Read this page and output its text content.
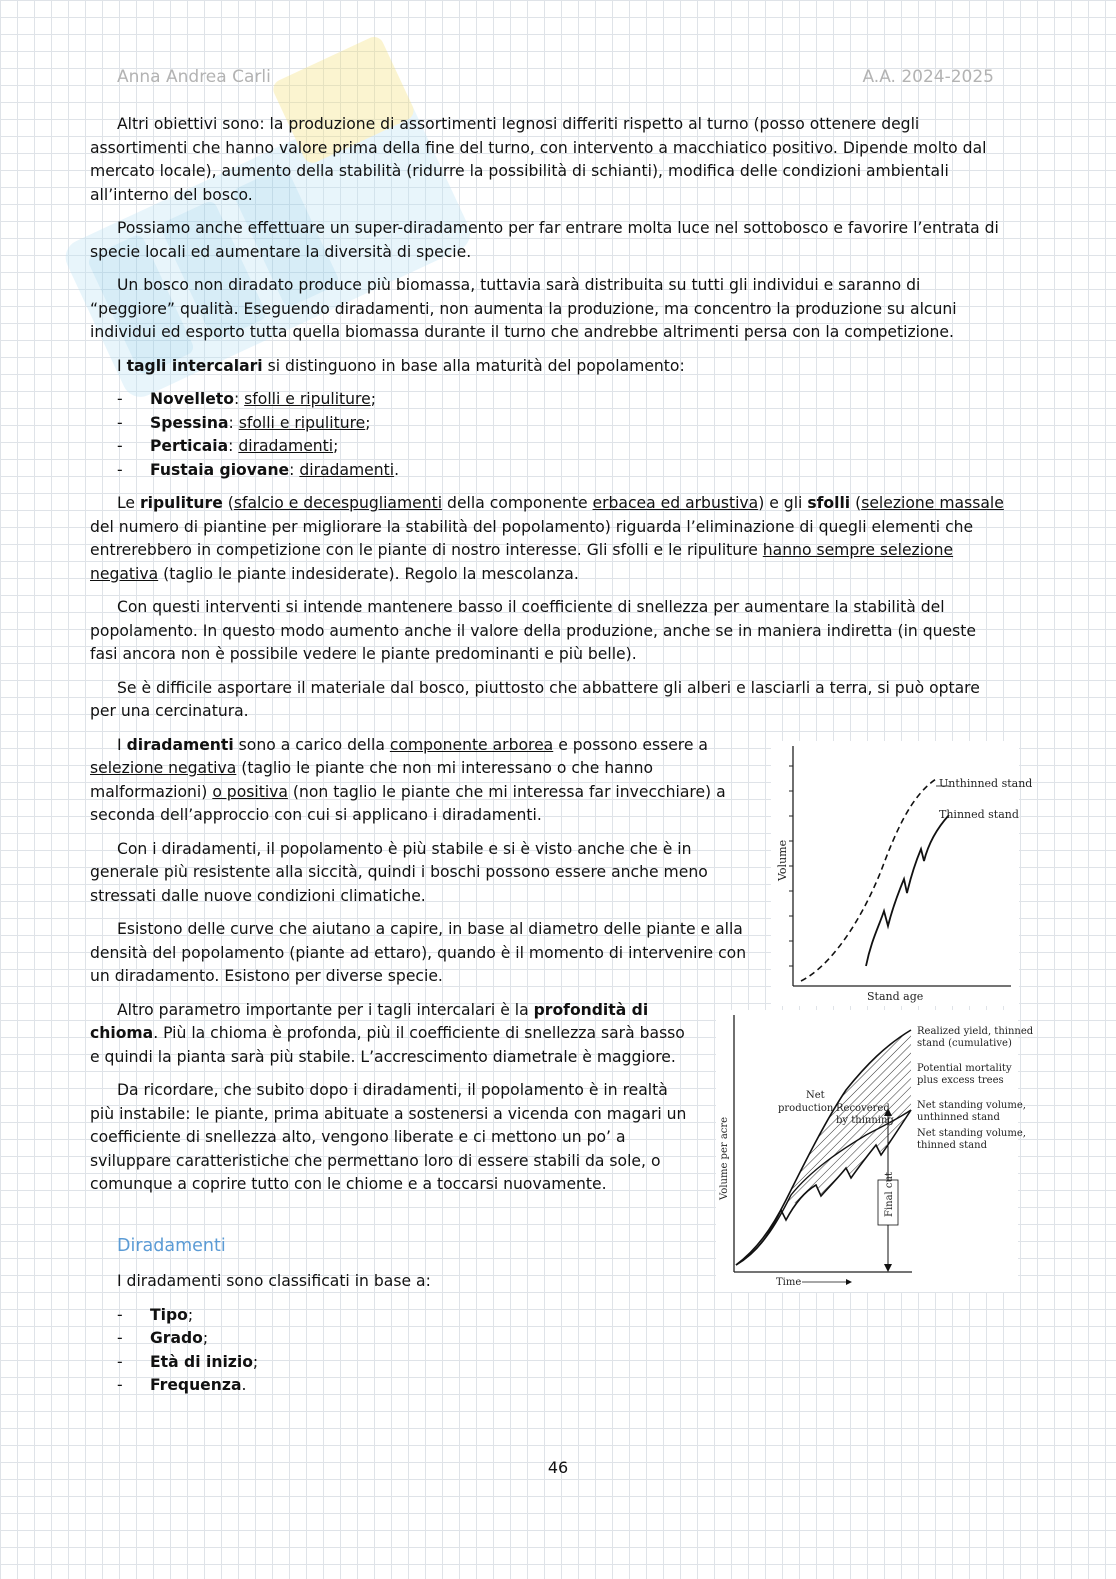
Anna Andrea Carli	A.A. 2024-2025

Altri obiettivi sono: la produzione di assortimenti legnosi differiti rispetto al turno (posso ottenere degli assortimenti che hanno valore prima della fine del turno, con intervento a macchiatico positivo. Dipende molto dal mercato locale), aumento della stabilità (ridurre la possibilità di schianti), modifica delle condizioni ambientali all’interno del bosco.

Possiamo anche effettuare un super-diradamento per far entrare molta luce nel sottobosco e favorire l’entrata di specie locali ed aumentare la diversità di specie.

Un bosco non diradato produce più biomassa, tuttavia sarà distribuita su tutti gli individui e saranno di “peggiore” qualità. Eseguendo diradamenti, non aumenta la produzione, ma concentro la produzione su alcuni individui ed esporto tutta quella biomassa durante il turno che andrebbe altrimenti persa con la competizione.

I tagli intercalari si distinguono in base alla maturità del popolamento:

- Novelleto: sfolli e ripuliture;
- Spessina: sfolli e ripuliture;
- Perticaia: diradamenti;
- Fustaia giovane: diradamenti.

Le ripuliture (sfalcio e decespugliamenti della componente erbacea ed arbustiva) e gli sfolli (selezione massale del numero di piantine per migliorare la stabilità del popolamento) riguarda l’eliminazione di quegli elementi che entrerebbero in competizione con le piante di nostro interesse. Gli sfolli e le ripuliture hanno sempre selezione negativa (taglio le piante indesiderate). Regolo la mescolanza.

Con questi interventi si intende mantenere basso il coefficiente di snellezza per aumentare la stabilità del popolamento. In questo modo aumento anche il valore della produzione, anche se in maniera indiretta (in queste fasi ancora non è possibile vedere le piante predominanti e più belle).

Se è difficile asportare il materiale dal bosco, piuttosto che abbattere gli alberi e lasciarli a terra, si può optare per una cercinatura.

I diradamenti sono a carico della componente arborea e possono essere a selezione negativa (taglio le piante che non mi interessano o che hanno malformazioni) o positiva (non taglio le piante che mi interessa far invecchiare) a seconda dell’approccio con cui si applicano i diradamenti.

Con i diradamenti, il popolamento è più stabile e si è visto anche che è in generale più resistente alla siccità, quindi i boschi possono essere anche meno stressati dalle nuove condizioni climatiche.

Esistono delle curve che aiutano a capire, in base al diametro delle piante e alla densità del popolamento (piante ad ettaro), quando è il momento di intervenire con un diradamento. Esistono per diverse specie.

Altro parametro importante per i tagli intercalari è la profondità di chioma. Più la chioma è profonda, più il coefficiente di snellezza sarà basso e quindi la pianta sarà più stabile. L’accrescimento diametrale è maggiore.

Da ricordare, che subito dopo i diradamenti, il popolamento è in realtà più instabile: le piante, prima abituate a sostenersi a vicenda con magari un coefficiente di snellezza alto, vengono liberate e ci mettono un po’ a sviluppare caratteristiche che permettano loro di essere stabili da sole, o comunque a coprire tutto con le chiome e a toccarsi nuovamente.

Diradamenti

I diradamenti sono classificati in base a:

- Tipo;
- Grado;
- Età di inizio;
- Frequenza.
Unthinned stand
Thinned stand
Volume
Stand age
Final cut
Realized yield, thinned
stand (cumulative)
Potential mortality
plus excess trees
Net standing volume,
unthinned stand
Net standing volume,
thinned stand
Net
production Recovered
by thinning
Volume per acre
Time
46
